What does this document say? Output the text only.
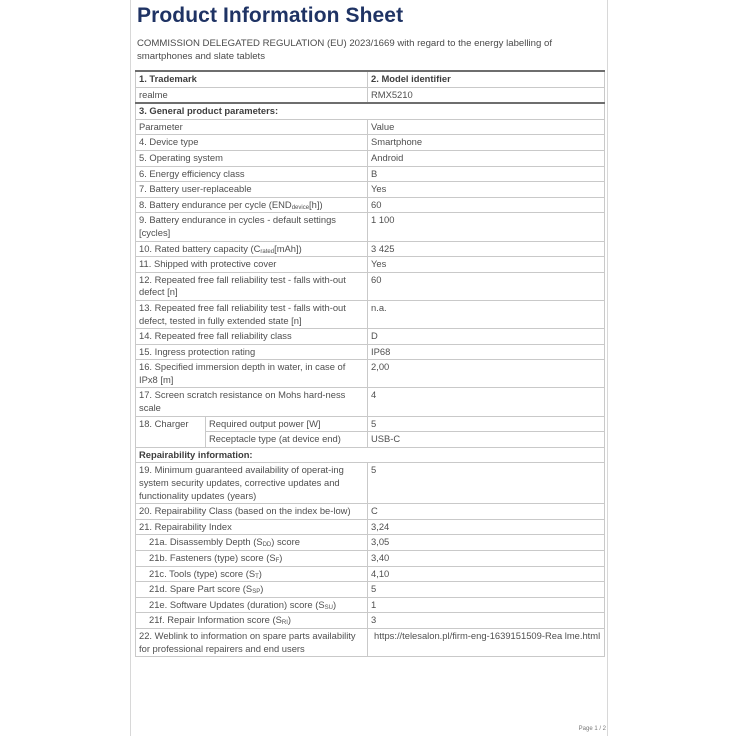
Product Information Sheet
COMMISSION DELEGATED REGULATION (EU) 2023/1669 with regard to the energy labelling of smartphones and slate tablets
1. Trademark		2. Model identifier
realme		RMX5210
3. General product parameters:		
Parameter		Value
4. Device type		Smartphone
5. Operating system		Android
6. Energy efficiency class		B
7. Battery user-replaceable		Yes
8. Battery endurance per cycle (ENDdevice[h])		60
9. Battery endurance in cycles - default settings [cycles]		1 100
10. Rated battery capacity (Crated[mAh])		3 425
11. Shipped with protective cover		Yes
12. Repeated free fall reliability test - falls with-out defect [n]		60
13. Repeated free fall reliability test - falls with-out defect, tested in fully extended state [n]		n.a.
14. Repeated free fall reliability class		D
15. Ingress protection rating		IP68
16. Specified immersion depth in water, in case of IPx8 [m]		2,00
17. Screen scratch resistance on Mohs hard-ness scale		4
18. Charger	Required output power [W]	5
	Receptacle type (at device end)	USB-C
Repairability information:		
19. Minimum guaranteed availability of operat-ing system security updates, corrective updates and functionality updates (years)		5
20. Repairability Class (based on the index be-low)		C
21. Repairability Index		3,24
21a. Disassembly Depth (SDD) score		3,05
21b. Fasteners (type) score (SF)		3,40
21c. Tools (type) score (ST)		4,10
21d. Spare Part score (SSP)		5
21e. Software Updates (duration) score (SSU)		1
21f. Repair Information score (SRI)		3
22. Weblink to information on spare parts availability for professional repairers and end users		https://telesalon.pl/firm-eng-1639151509-Rea lme.html
Page 1 / 2
